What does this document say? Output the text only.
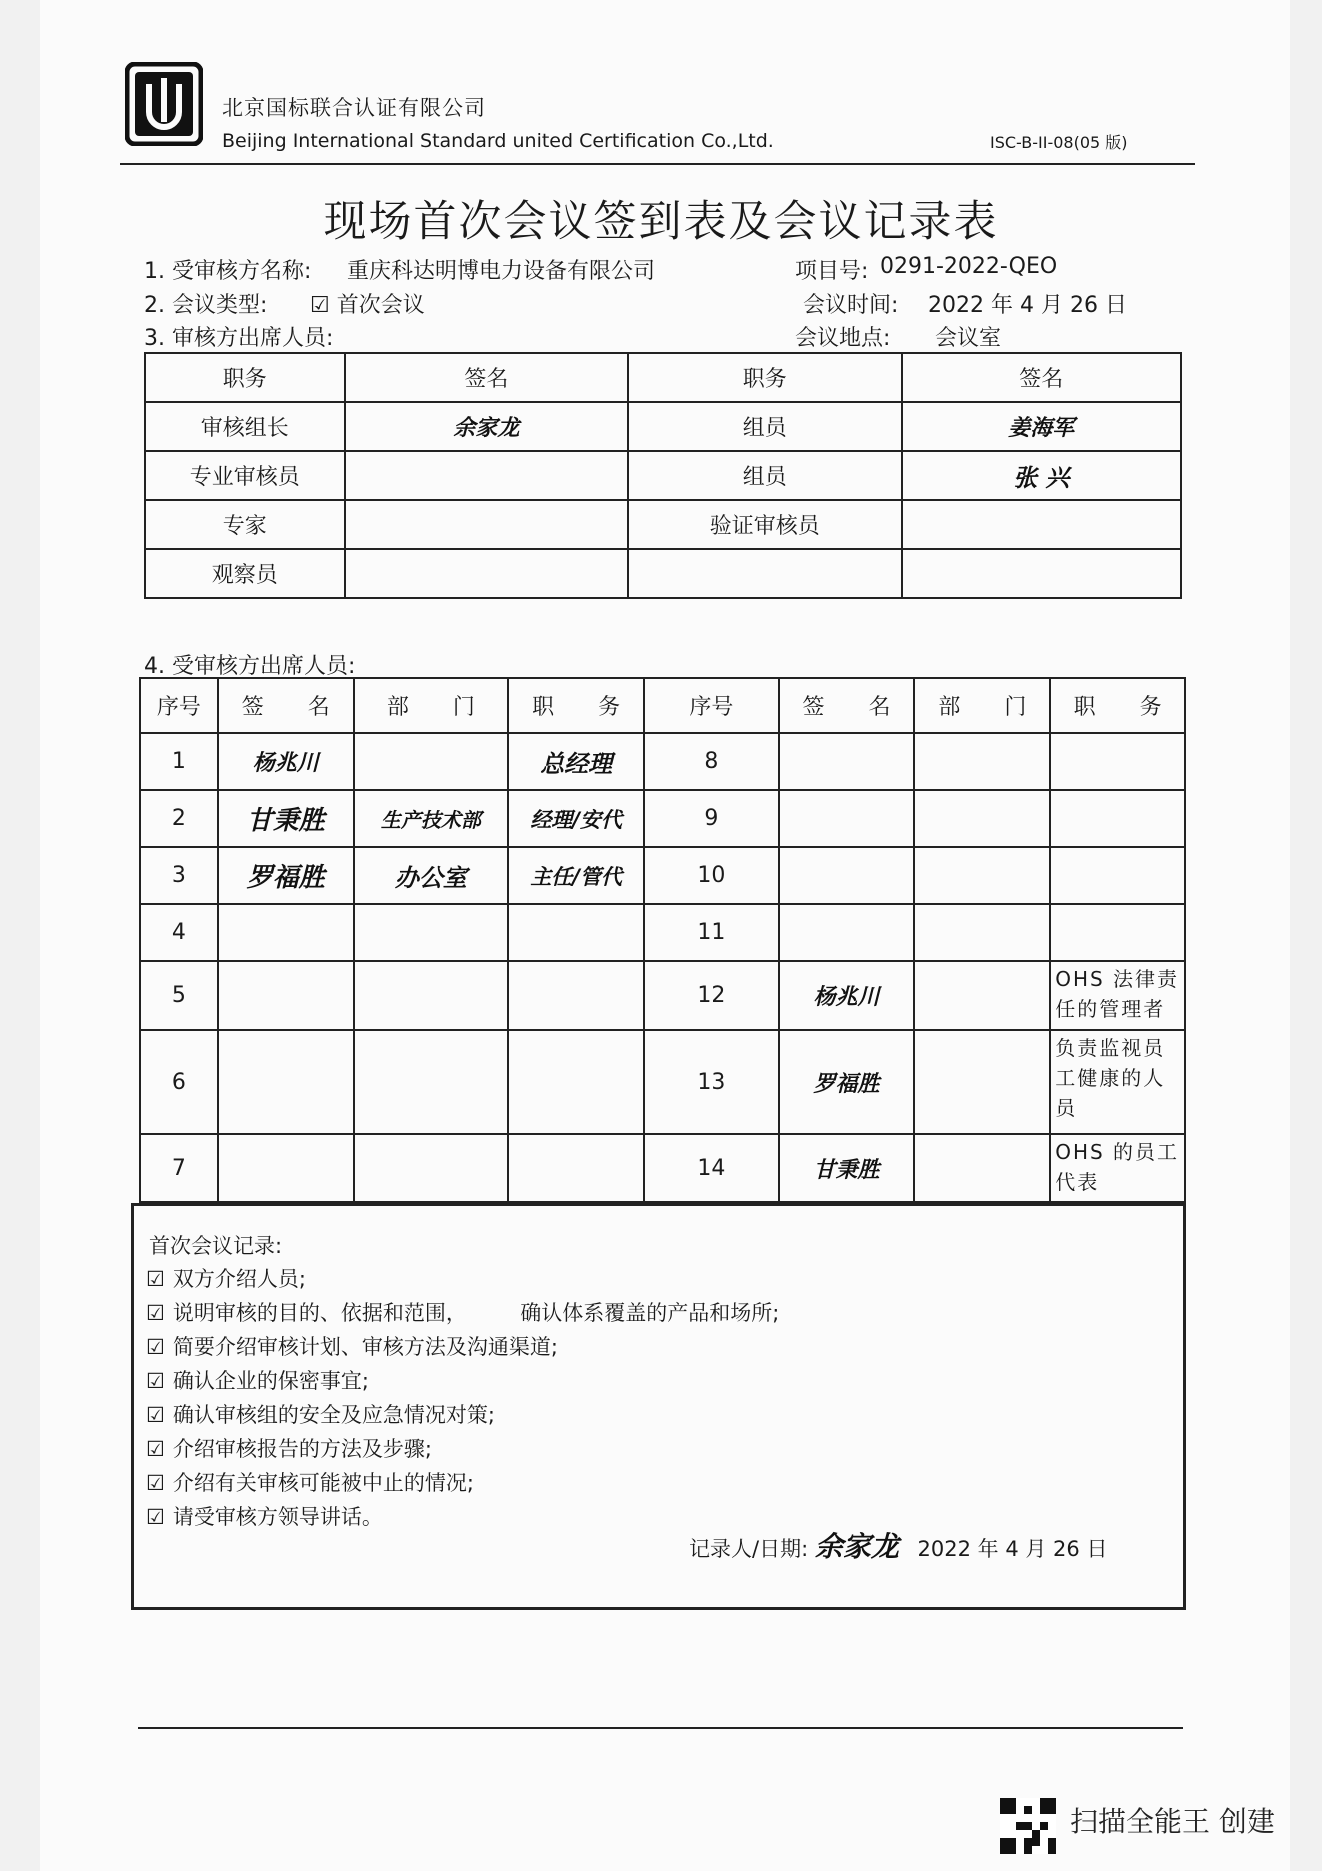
北京国标联合认证有限公司
Beijing International Standard united Certification Co.,Ltd.	ISC-B-II-08(05 版)
现场首次会议签到表及会议记录表
1. 受审核方名称: 重庆科达明博电力设备有限公司	项目号: 0291-2022-QEO
2. 会议类型: ☑ 首次会议	会议时间: 2022 年 4 月 26 日
3. 审核方出席人员:	会议地点: 会议室
职务	签名	职务	签名
审核组长	余家龙	组员	姜海军
专业审核员		组员	张 兴
专家		验证审核员	
观察员			
4. 受审核方出席人员:
序号	签　　名	部　　门	职　　务	序号	签　　名	部　　门	职　　务
1	杨兆川		总经理	8			
2	甘秉胜	生产技术部	经理/安代	9			
3	罗福胜	办公室	主任/管代	10			
4				11			
5				12	杨兆川		OHS 法律责任的管理者
6				13	罗福胜		负责监视员工健康的人员
7				14	甘秉胜		OHS 的员工代表
首次会议记录:
☑ 双方介绍人员;
☑ 说明审核的目的、依据和范围，        确认体系覆盖的产品和场所;
☑ 简要介绍审核计划、审核方法及沟通渠道;
☑ 确认企业的保密事宜;
☑ 确认审核组的安全及应急情况对策;
☑ 介绍审核报告的方法及步骤;
☑ 介绍有关审核可能被中止的情况;
☑ 请受审核方领导讲话。
记录人/日期: 余家龙 2022 年 4 月 26 日
扫描全能王 创建
